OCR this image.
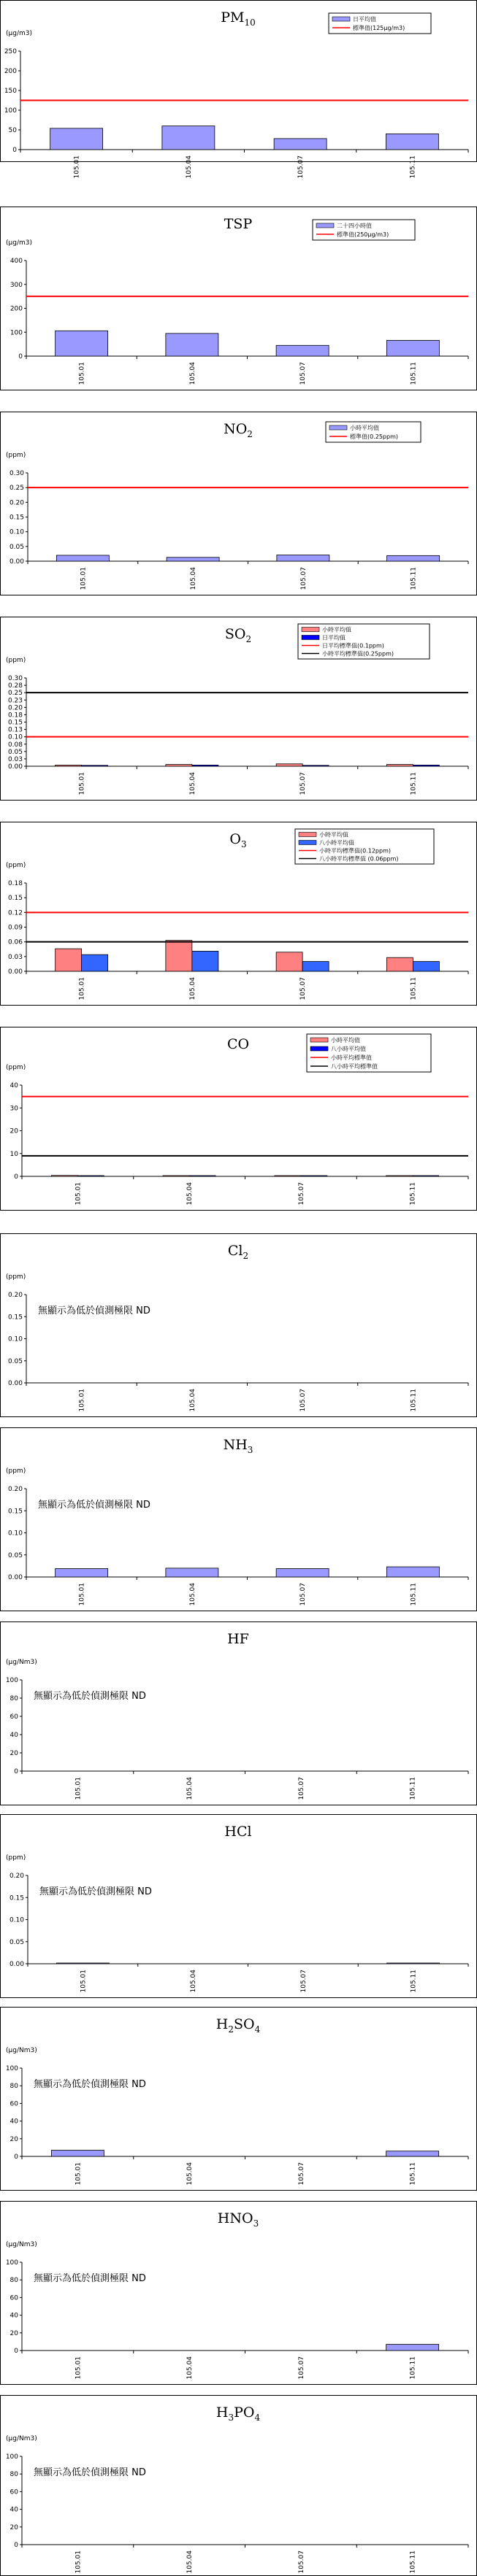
$PM_{10}$
(μg/m3)
0
50
100
150
200
250
105.01	105.04	105.07	105.11
日平均值
標準值(125μg/m3)
TSP
(μg/m3)
0
100
200
300
400
105.01	105.04	105.07	105.11
二十四小時值
標準值(250μg/m3)
$NO_2$
(ppm)
0.00
0.05
0.10
0.15
0.20
0.25
0.30
105.01	105.04	105.07	105.11
小時平均值
標準值(0.25ppm)
$SO_2$
(ppm)
0.00
0.03
0.05
0.08
0.10
0.13
0.15
0.18
0.20
0.23
0.25
0.28
0.30
105.01	105.04	105.07	105.11
小時平均值
日平均值
日平均標準值(0.1ppm)
小時平均標準值(0.25ppm)
$O_3$
(ppm)
0.00
0.03
0.06
0.09
0.12
0.15
0.18
105.01	105.04	105.07	105.11
小時平均值
八小時平均值
小時平均標準值(0.12ppm)
八小時平均標準值 (0.06ppm)
CO
(ppm)
0
10
20
30
40
105.01	105.04	105.07	105.11
小時平均值
八小時平均值
小時平均標準值
八小時平均標準值
$Cl_2$
(ppm)
0.00
0.05
0.10
0.15
0.20
105.01	105.04	105.07	105.11
無顯示為低於偵測極限 ND
$NH_3$
(ppm)
0.00
0.05
0.10
0.15
0.20
105.01	105.04	105.07	105.11
無顯示為低於偵測極限 ND
HF
(μg/Nm3)
0
20
40
60
80
100
105.01	105.04	105.07	105.11
無顯示為低於偵測極限 ND
HCl
(ppm)
0.00
0.05
0.10
0.15
0.20
105.01	105.04	105.07	105.11
無顯示為低於偵測極限 ND
$H_2SO_4$
(μg/Nm3)
0
20
40
60
80
100
105.01	105.04	105.07	105.11
無顯示為低於偵測極限 ND
$HNO_3$
(μg/Nm3)
0
20
40
60
80
100
105.01	105.04	105.07	105.11
無顯示為低於偵測極限 ND
$H_3PO_4$
(μg/Nm3)
0
20
40
60
80
100
105.01	105.04	105.07	105.11
無顯示為低於偵測極限 ND
